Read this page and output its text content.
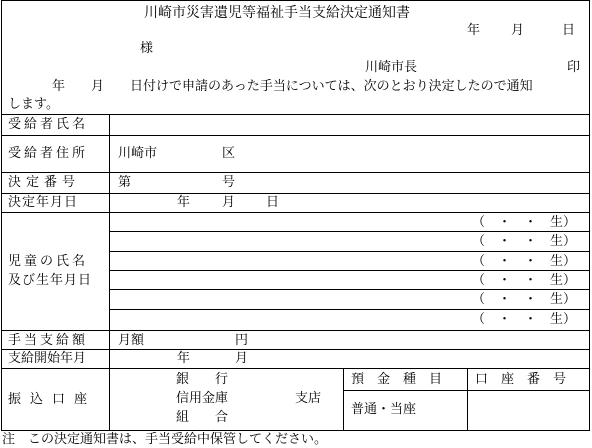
川崎市災害遺児等福祉手当支給決定通知書
年 月	日
様
川崎市長	印
年　　月　　日付けで申請のあった手当については、次のとおり決定したので通知
します。
受給者氏名
受給者住所 川崎市	区
決定番号	第	号
決定年月日	年 月 日
児童の氏名
及び生年月日
（　・　・　生）
（　・　・　生）
（　・　・　生）
（　・　・　生）
（　・　・　生）
（　・　・　生）
手当支給額 月額	円
支給開始年月	年	月
振込口座
銀　　行
信用金庫	支店
組　　合
預　金　種　目	口　座　番　号
普通・当座
注　この決定通知書は、手当受給中保管してください。
